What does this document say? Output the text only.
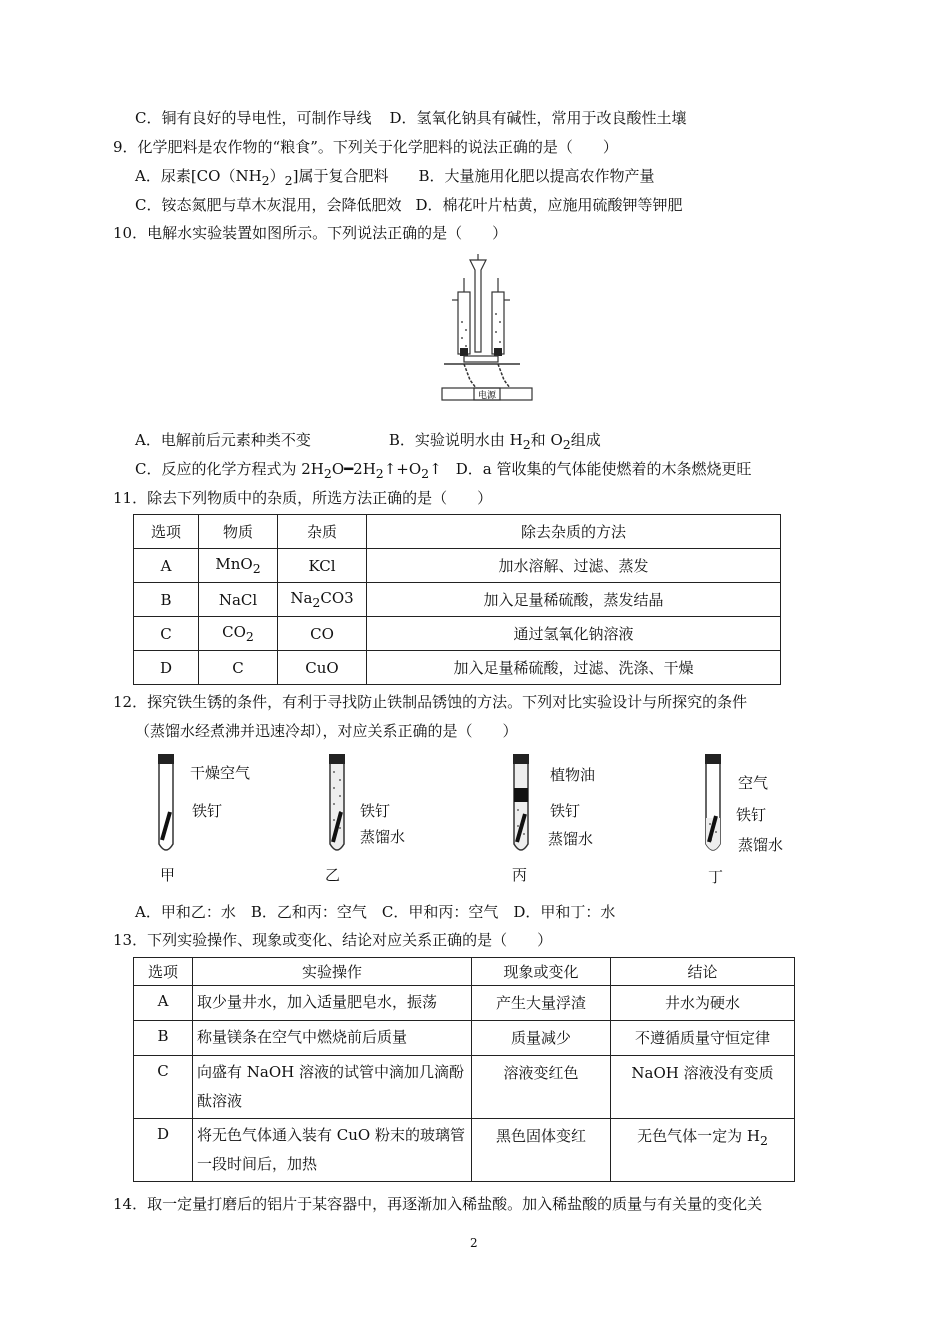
C．铜有良好的导电性，可制作导线 D．氢氧化钠具有碱性，常用于改良酸性土壤
9．化学肥料是农作物的“粮食”。下列关于化学肥料的说法正确的是（　　）
A．尿素$[CO(NH_2)_2]$属于复合肥料 B．大量施用化肥以提高农作物产量
C．铵态氮肥与草木灰混用，会降低肥效 D．棉花叶片枯黄，应施用硫酸钾等钾肥
10．电解水实验装置如图所示。下列说法正确的是（　　）
电源
A．电解前后元素种类不变	B．实验说明水由 $H_2$和 $O_2$组成
C．反应的化学方程式为 $2H_2O━2H_2↑+O_2↑$ D．a 管收集的气体能使燃着的木条燃烧更旺
11．除去下列物质中的杂质，所选方法正确的是（　　）
选项	物质	杂质	除去杂质的方法
A	MnO$_2$	KCl	加水溶解、过滤、蒸发
B	NaCl	$Na_2CO3$	加入足量稀硫酸，蒸发结晶
C	$CO_2$	CO	通过氢氧化钠溶液
D	C	CuO	加入足量稀硫酸，过滤、洗涤、干燥
12．探究铁生锈的条件，有利于寻找防止铁制品锈蚀的方法。下列对比实验设计与所探究的条件
（蒸馏水经煮沸并迅速冷却），对应关系正确的是（　　）
干燥空气
铁钉
甲
铁钉
蒸馏水
乙
植物油
铁钉
蒸馏水
丙
空气
铁钉
蒸馏水
丁
A．甲和乙：水　B．乙和丙：空气　C．甲和丙：空气　D．甲和丁：水
13．下列实验操作、现象或变化、结论对应关系正确的是（　　）
选项	实验操作	现象或变化	结论
A	取少量井水，加入适量肥皂水，振荡	产生大量浮渣	井水为硬水
B	称量镁条在空气中燃烧前后质量	质量减少	不遵循质量守恒定律
C	向盛有 NaOH 溶液的试管中滴加几滴酚酞溶液	溶液变红色	NaOH 溶液没有变质
D	将无色气体通入装有 CuO 粉末的玻璃管一段时间后，加热	黑色固体变红	无色气体一定为 $H_2$
14．取一定量打磨后的铝片于某容器中，再逐渐加入稀盐酸。加入稀盐酸的质量与有关量的变化关
2
